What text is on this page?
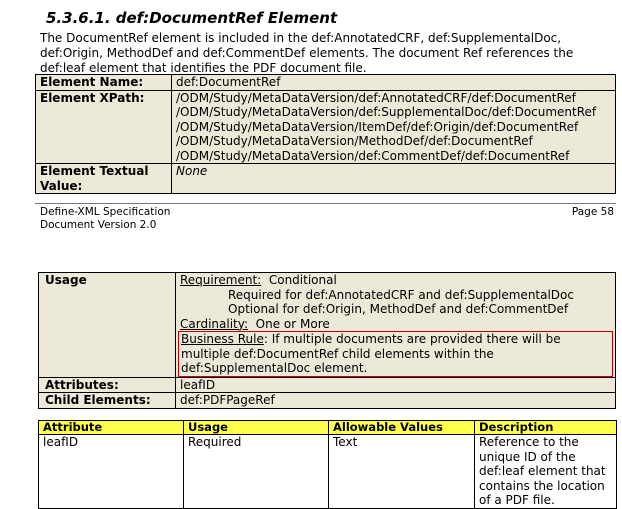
5.3.6.1. def:DocumentRef Element
The DocumentRef element is included in the def:AnnotatedCRF, def:SupplementalDoc,
def:Origin, MethodDef and def:CommentDef elements. The document Ref references the
def:leaf element that identifies the PDF document file.
Element Name:	def:DocumentRef
Element XPath:	/ODM/Study/MetaDataVersion/def:AnnotatedCRF/def:DocumentRef
/ODM/Study/MetaDataVersion/def:SupplementalDoc/def:DocumentRef
/ODM/Study/MetaDataVersion/ItemDef/def:Origin/def:DocumentRef
/ODM/Study/MetaDataVersion/MethodDef/def:DocumentRef
/ODM/Study/MetaDataVersion/def:CommentDef/def:DocumentRef

Element Textual Value:	None
Define-XML Specification
Document Version 2.0
Page 58
Usage	Requirement: Conditional
Required for def:AnnotatedCRF and def:SupplementalDoc
Optional for def:Origin, MethodDef and def:CommentDef
Cardinality: One or More
Business Rule: If multiple documents are provided there will be multiple def:DocumentRef child elements within the def:SupplementalDoc element.

Attributes:	leafID
Child Elements:	def:PDFPageRef
Attribute	Usage	Allowable Values	Description
leafID	Required	Text	Reference to the unique ID of the def:leaf element that contains the location of a PDF file.
